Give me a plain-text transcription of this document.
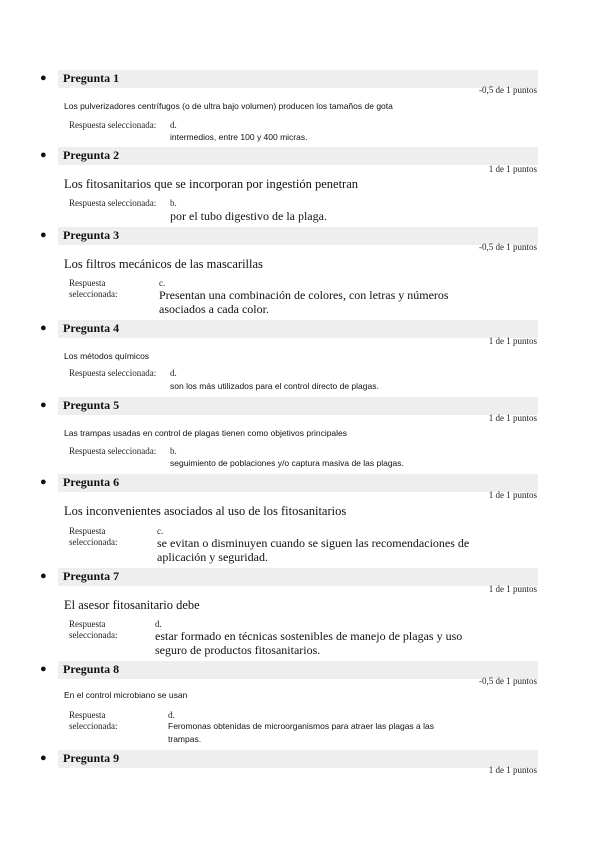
● Pregunta 1
-0,5 de 1 puntos
Los pulverizadores centrífugos (o de ultra bajo volumen) producen los tamaños de gota
Respuesta seleccionada: d.
intermedios, entre 100 y 400 micras.
● Pregunta 2
1 de 1 puntos
Los fitosanitarios que se incorporan por ingestión penetran
Respuesta seleccionada: b.
por el tubo digestivo de la plaga.
● Pregunta 3
-0,5 de 1 puntos
Los filtros mecánicos de las mascarillas
Respuesta
seleccionada:
c.
Presentan una combinación de colores, con letras y números
asociados a cada color.
● Pregunta 4
1 de 1 puntos
Los métodos químicos
Respuesta seleccionada: d.
son los más utilizados para el control directo de plagas.
● Pregunta 5
1 de 1 puntos
Las trampas usadas en control de plagas tienen como objetivos principales
Respuesta seleccionada: b.
seguimiento de poblaciones y/o captura masiva de las plagas.
● Pregunta 6
1 de 1 puntos
Los inconvenientes asociados al uso de los fitosanitarios
Respuesta
seleccionada:
c.
se evitan o disminuyen cuando se siguen las recomendaciones de
aplicación y seguridad.
● Pregunta 7
1 de 1 puntos
El asesor fitosanitario debe
Respuesta
seleccionada:
d.
estar formado en técnicas sostenibles de manejo de plagas y uso
seguro de productos fitosanitarios.
● Pregunta 8
-0,5 de 1 puntos
En el control microbiano se usan
Respuesta
seleccionada:
d.
Feromonas obtenidas de microorganismos para atraer las plagas a las
trampas.
● Pregunta 9
1 de 1 puntos
